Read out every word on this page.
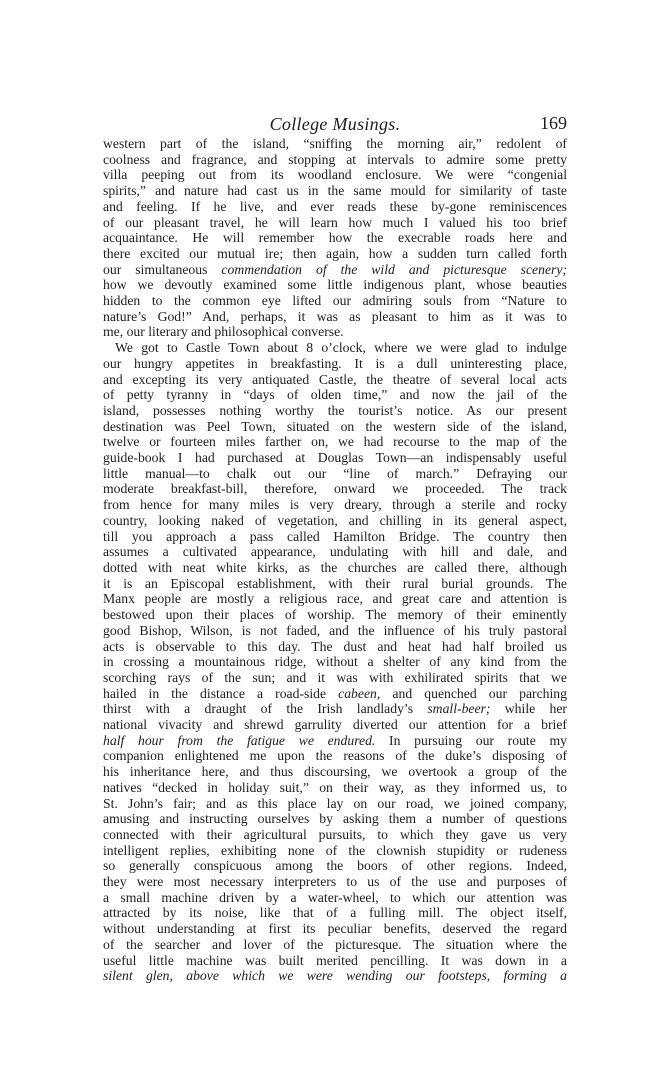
College Musings.	169
western part of the island, “sniffing the morning air,” redolent of
coolness and fragrance, and stopping at intervals to admire some pretty
villa peeping out from its woodland enclosure. We were “congenial
spirits,” and nature had cast us in the same mould for similarity of taste
and feeling. If he live, and ever reads these by-gone reminiscences
of our pleasant travel, he will learn how much I valued his too brief
acquaintance. He will remember how the execrable roads here and
there excited our mutual ire; then again, how a sudden turn called forth
our simultaneous commendation of the wild and picturesque scenery;
how we devoutly examined some little indigenous plant, whose beauties
hidden to the common eye lifted our admiring souls from “Nature to
nature’s God!” And, perhaps, it was as pleasant to him as it was to
me, our literary and philosophical converse.
We got to Castle Town about 8 o’clock, where we were glad to indulge
our hungry appetites in breakfasting. It is a dull uninteresting place,
and excepting its very antiquated Castle, the theatre of several local acts
of petty tyranny in “days of olden time,” and now the jail of the
island, possesses nothing worthy the tourist’s notice. As our present
destination was Peel Town, situated on the western side of the island,
twelve or fourteen miles farther on, we had recourse to the map of the
guide-book I had purchased at Douglas Town—an indispensably useful
little manual—to chalk out our “line of march.” Defraying our
moderate breakfast-bill, therefore, onward we proceeded. The track
from hence for many miles is very dreary, through a sterile and rocky
country, looking naked of vegetation, and chilling in its general aspect,
till you approach a pass called Hamilton Bridge. The country then
assumes a cultivated appearance, undulating with hill and dale, and
dotted with neat white kirks, as the churches are called there, although
it is an Episcopal establishment, with their rural burial grounds. The
Manx people are mostly a religious race, and great care and attention is
bestowed upon their places of worship. The memory of their eminently
good Bishop, Wilson, is not faded, and the influence of his truly pastoral
acts is observable to this day. The dust and heat had half broiled us
in crossing a mountainous ridge, without a shelter of any kind from the
scorching rays of the sun; and it was with exhilirated spirits that we
hailed in the distance a road-side cabeen, and quenched our parching
thirst with a draught of the Irish landlady’s small-beer; while her
national vivacity and shrewd garrulity diverted our attention for a brief
half hour from the fatigue we endured. In pursuing our route my
companion enlightened me upon the reasons of the duke’s disposing of
his inheritance here, and thus discoursing, we overtook a group of the
natives “decked in holiday suit,” on their way, as they informed us, to
St. John’s fair; and as this place lay on our road, we joined company,
amusing and instructing ourselves by asking them a number of questions
connected with their agricultural pursuits, to which they gave us very
intelligent replies, exhibiting none of the clownish stupidity or rudeness
so generally conspicuous among the boors of other regions. Indeed,
they were most necessary interpreters to us of the use and purposes of
a small machine driven by a water-wheel, to which our attention was
attracted by its noise, like that of a fulling mill. The object itself,
without understanding at first its peculiar benefits, deserved the regard
of the searcher and lover of the picturesque. The situation where the
useful little machine was built merited pencilling. It was down in a
silent glen, above which we were wending our footsteps, forming a
